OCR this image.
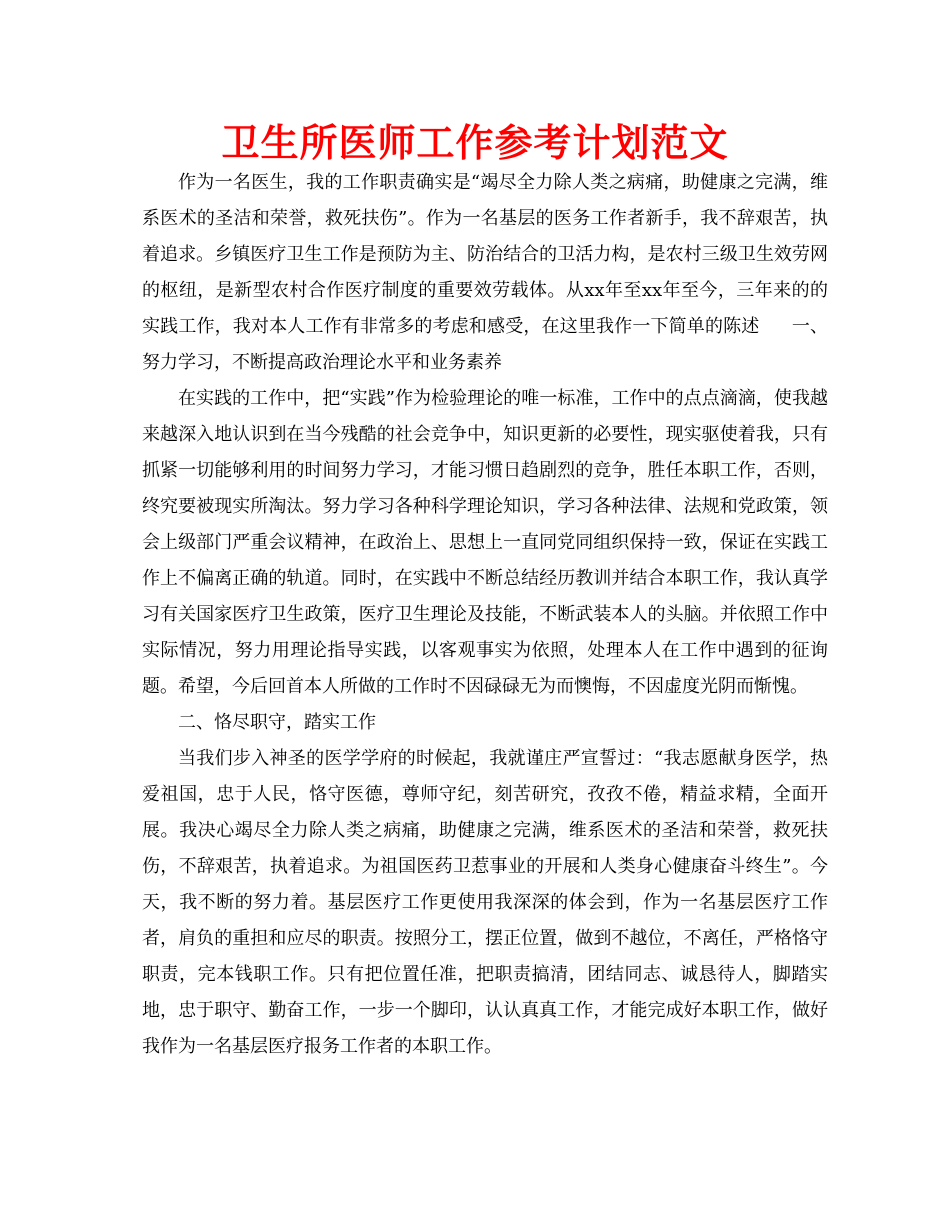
卫生所医师工作参考计划范文

作为一名医生，我的工作职责确实是“竭尽全力除人类之病痛，助健康之完满，维系医术的圣洁和荣誉，救死扶伤”。作为一名基层的医务工作者新手，我不辞艰苦，执着追求。乡镇医疗卫生工作是预防为主、防治结合的卫活力构，是农村三级卫生效劳网的枢纽，是新型农村合作医疗制度的重要效劳载体。从xx年至xx年至今，三年来的的实践工作，我对本人工作有非常多的考虑和感受，在这里我作一下简单的陈述 一、努力学习，不断提高政治理论水平和业务素养

在实践的工作中，把“实践”作为检验理论的唯一标准，工作中的点点滴滴，使我越来越深入地认识到在当今残酷的社会竞争中，知识更新的必要性，现实驱使着我，只有抓紧一切能够利用的时间努力学习，才能习惯日趋剧烈的竞争，胜任本职工作，否则，终究要被现实所淘汰。努力学习各种科学理论知识，学习各种法律、法规和党政策，领会上级部门严重会议精神，在政治上、思想上一直同党同组织保持一致，保证在实践工作上不偏离正确的轨道。同时，在实践中不断总结经历教训并结合本职工作，我认真学习有关国家医疗卫生政策，医疗卫生理论及技能，不断武装本人的头脑。并依照工作中实际情况，努力用理论指导实践，以客观事实为依照，处理本人在工作中遇到的征询题。希望，今后回首本人所做的工作时不因碌碌无为而懊悔，不因虚度光阴而惭愧。

二、恪尽职守，踏实工作

当我们步入神圣的医学学府的时候起，我就谨庄严宣誓过：“我志愿献身医学，热爱祖国，忠于人民，恪守医德，尊师守纪，刻苦研究，孜孜不倦，精益求精，全面开展。我决心竭尽全力除人类之病痛，助健康之完满，维系医术的圣洁和荣誉，救死扶伤，不辞艰苦，执着追求。为祖国医药卫惹事业的开展和人类身心健康奋斗终生”。今天，我不断的努力着。基层医疗工作更使用我深深的体会到，作为一名基层医疗工作者，肩负的重担和应尽的职责。按照分工，摆正位置，做到不越位，不离任，严格恪守职责，完本钱职工作。只有把位置任准，把职责搞清，团结同志、诚恳待人，脚踏实地，忠于职守、勤奋工作，一步一个脚印，认认真真工作，才能完成好本职工作，做好我作为一名基层医疗报务工作者的本职工作。
